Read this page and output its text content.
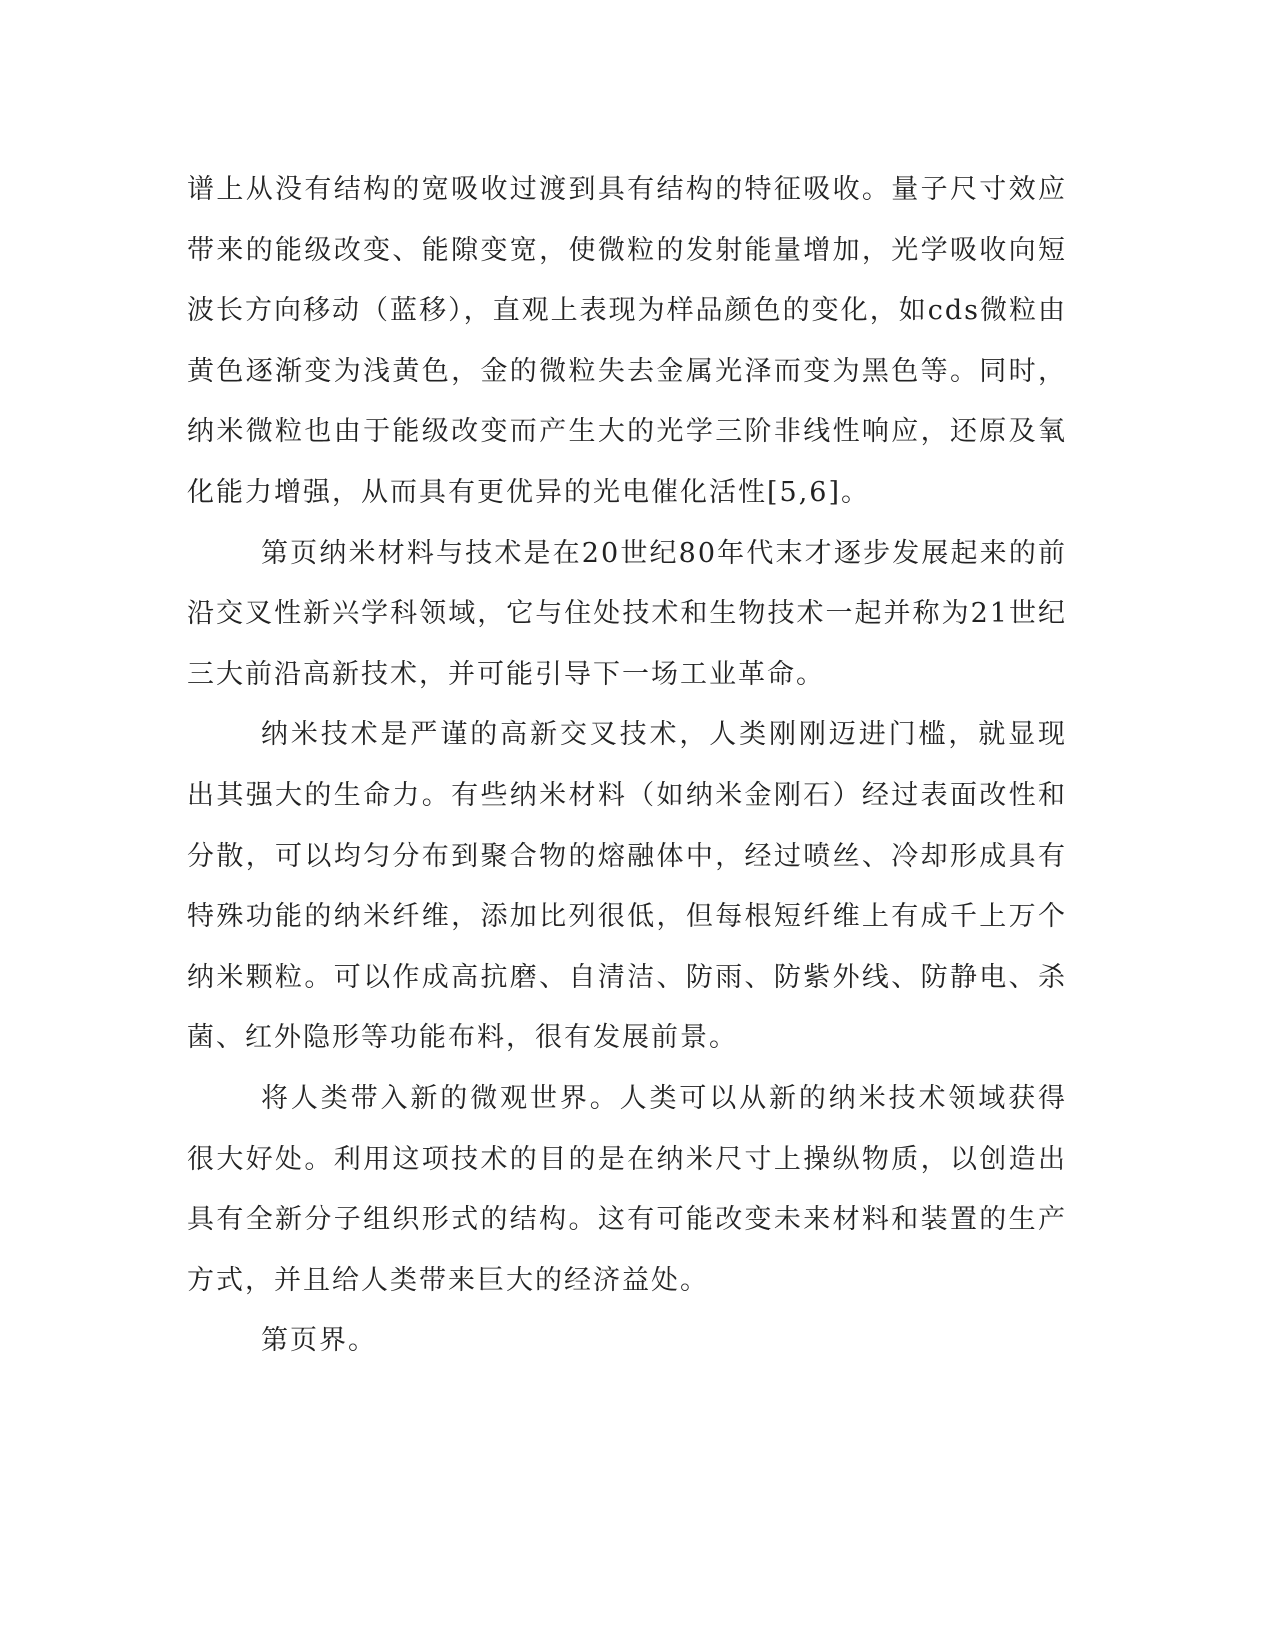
谱上从没有结构的宽吸收过渡到具有结构的特征吸收。量子尺寸效应带来的能级改变、能隙变宽，使微粒的发射能量增加，光学吸收向短波长方向移动（蓝移），直观上表现为样品颜色的变化，如cds微粒由黄色逐渐变为浅黄色，金的微粒失去金属光泽而变为黑色等。同时，纳米微粒也由于能级改变而产生大的光学三阶非线性响应，还原及氧化能力增强，从而具有更优异的光电催化活性[5,6]。

第页纳米材料与技术是在20世纪80年代末才逐步发展起来的前沿交叉性新兴学科领域，它与住处技术和生物技术一起并称为21世纪三大前沿高新技术，并可能引导下一场工业革命。

纳米技术是严谨的高新交叉技术，人类刚刚迈进门槛，就显现出其强大的生命力。有些纳米材料（如纳米金刚石）经过表面改性和分散，可以均匀分布到聚合物的熔融体中，经过喷丝、冷却形成具有特殊功能的纳米纤维，添加比列很低，但每根短纤维上有成千上万个纳米颗粒。可以作成高抗磨、自清洁、防雨、防紫外线、防静电、杀菌、红外隐形等功能布料，很有发展前景。

将人类带入新的微观世界。人类可以从新的纳米技术领域获得很大好处。利用这项技术的目的是在纳米尺寸上操纵物质，以创造出具有全新分子组织形式的结构。这有可能改变未来材料和装置的生产方式，并且给人类带来巨大的经济益处。

第页界。
